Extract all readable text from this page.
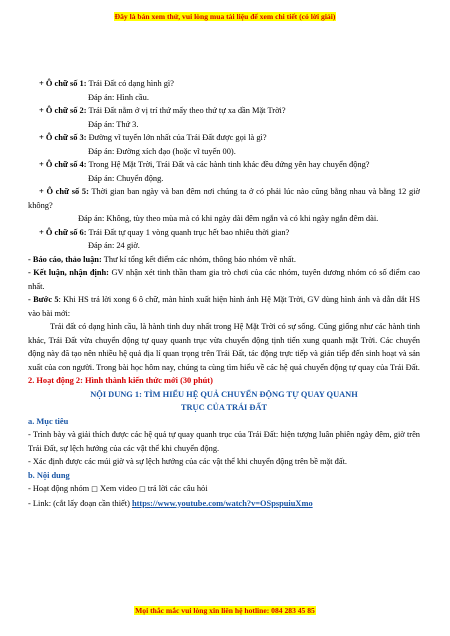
Đây là bản xem thử, vui lòng mua tài liệu để xem chi tiết (có lời giải)

+ Ô chữ số 1: Trái Đất có dạng hình gì?

Đáp án: Hình cầu.

+ Ô chữ số 2: Trái Đất nằm ở vị trí thứ mấy theo thứ tự xa dần Mặt Trời?

Đáp án: Thứ 3.

+ Ô chữ số 3: Đường vĩ tuyến lớn nhất của Trái Đất được gọi là gì?

Đáp án: Đường xích đạo (hoặc vĩ tuyến 00).

+ Ô chữ số 4: Trong Hệ Mặt Trời, Trái Đất và các hành tinh khác đều đứng yên hay chuyển động?

Đáp án: Chuyển động.

+ Ô chữ số 5: Thời gian ban ngày và ban đêm nơi chúng ta ở có phải lúc nào cũng bằng nhau và bằng 12 giờ không?

Đáp án: Không, tùy theo mùa mà có khi ngày dài đêm ngắn và có khi ngày ngắn đêm dài.

+ Ô chữ số 6: Trái Đất tự quay 1 vòng quanh trục hết bao nhiêu thời gian?

Đáp án: 24 giờ.

- Báo cáo, thảo luận: Thư kí tổng kết điểm các nhóm, thông báo nhóm về nhất.

- Kết luận, nhận định: GV nhận xét tinh thần tham gia trò chơi của các nhóm, tuyên dương nhóm có số điểm cao nhất.

- Bước 5: Khi HS trả lời xong 6 ô chữ, màn hình xuất hiện hình ảnh Hệ Mặt Trời, GV dùng hình ảnh và dẫn dắt HS vào bài mới:

Trái đất có dạng hình cầu, là hành tinh duy nhất trong Hệ Mặt Trời có sự sống. Cũng giống như các hành tinh khác, Trái Đất vừa chuyển động tự quay quanh trục vừa chuyển động tịnh tiến xung quanh mặt Trời. Các chuyển động này đã tạo nên nhiều hệ quả địa lí quan trọng trên Trái Đất, tác động trực tiếp và gián tiếp đến sinh hoạt và sản xuất của con người. Trong bài học hôm nay, chúng ta cùng tìm hiểu về các hệ quả chuyển động tự quay của Trái Đất.

2. Hoạt động 2: Hình thành kiến thức mới (30 phút)

NỘI DUNG 1: TÌM HIỂU HỆ QUẢ CHUYỂN ĐỘNG TỰ QUAY QUANH

TRỤC CỦA TRÁI ĐẤT

a. Mục tiêu

- Trình bày và giải thích được các hệ quả tự quay quanh trục của Trái Đất: hiện tượng luân phiên ngày đêm, giờ trên Trái Đất, sự lệch hướng của các vật thể khi chuyển động.

- Xác định được các múi giờ và sự lệch hướng của các vật thể khi chuyển động trên bề mặt đất.

b. Nội dung

- Hoạt động nhóm □ Xem video □ trả lời các câu hỏi

- Link: (cắt lấy đoạn cần thiết) https://www.youtube.com/watch?v=OSpspuiuXmo

Mọi thắc mắc vui lòng xin liên hệ hotline: 084 283 45 85
